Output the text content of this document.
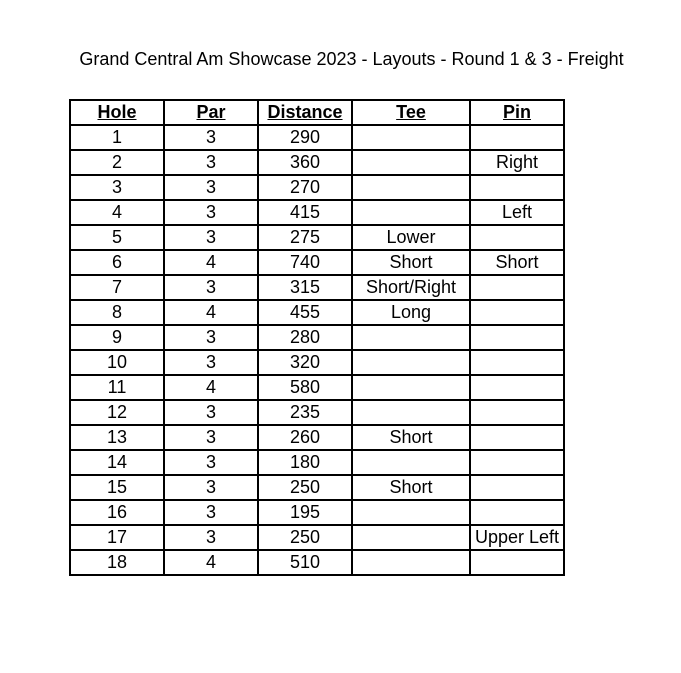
Grand Central Am Showcase 2023 - Layouts - Round 1 & 3 - Freight
Hole	Par	Distance	Tee	Pin
1	3	290		
2	3	360		Right
3	3	270		
4	3	415		Left
5	3	275	Lower	
6	4	740	Short	Short
7	3	315	Short/Right	
8	4	455	Long	
9	3	280		
10	3	320		
11	4	580		
12	3	235		
13	3	260	Short	
14	3	180		
15	3	250	Short	
16	3	195		
17	3	250		Upper Left
18	4	510		
